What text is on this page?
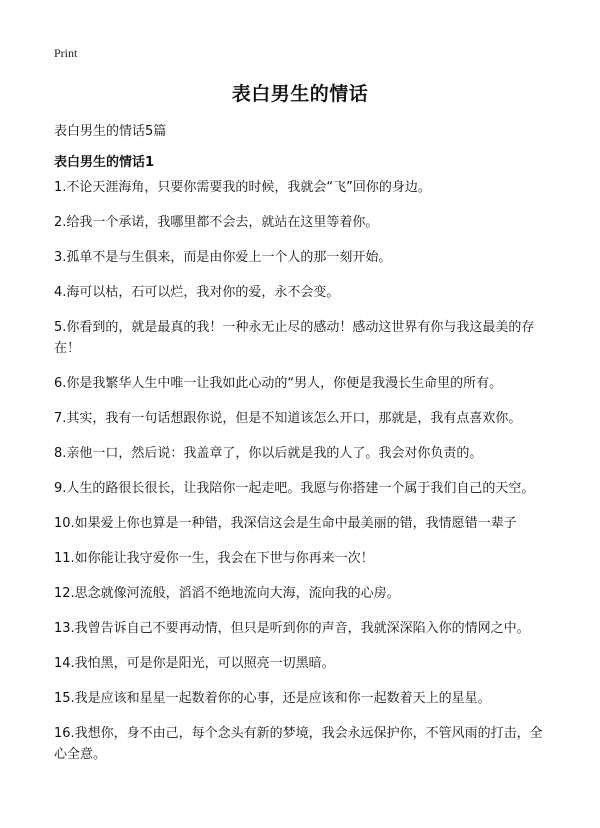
Print
表白男生的情话

表白男生的情话5篇

表白男生的情话1
1.不论天涯海角，只要你需要我的时候，我就会“飞”回你的身边。
2.给我一个承诺，我哪里都不会去，就站在这里等着你。
3.孤单不是与生俱来，而是由你爱上一个人的那一刻开始。
4.海可以枯，石可以烂，我对你的爱，永不会变。
5.你看到的，就是最真的我！一种永无止尽的感动！感动这世界有你与我这最美的存在！
6.你是我繁华人生中唯一让我如此心动的“男人，你便是我漫长生命里的所有。
7.其实，我有一句话想跟你说，但是不知道该怎么开口，那就是，我有点喜欢你。
8.亲他一口，然后说：我盖章了，你以后就是我的人了。我会对你负责的。
9.人生的路很长很长，让我陪你一起走吧。我愿与你搭建一个属于我们自己的天空。
10.如果爱上你也算是一种错，我深信这会是生命中最美丽的错，我情愿错一辈子
11.如你能让我守爱你一生，我会在下世与你再来一次！
12.思念就像河流般，滔滔不绝地流向大海，流向我的心房。
13.我曾告诉自己不要再动情，但只是听到你的声音，我就深深陷入你的情网之中。
14.我怕黑，可是你是阳光，可以照亮一切黑暗。
15.我是应该和星星一起数着你的心事，还是应该和你一起数着天上的星星。
16.我想你，身不由己，每个念头有新的梦境，我会永远保护你，不管风雨的打击，全心全意。
